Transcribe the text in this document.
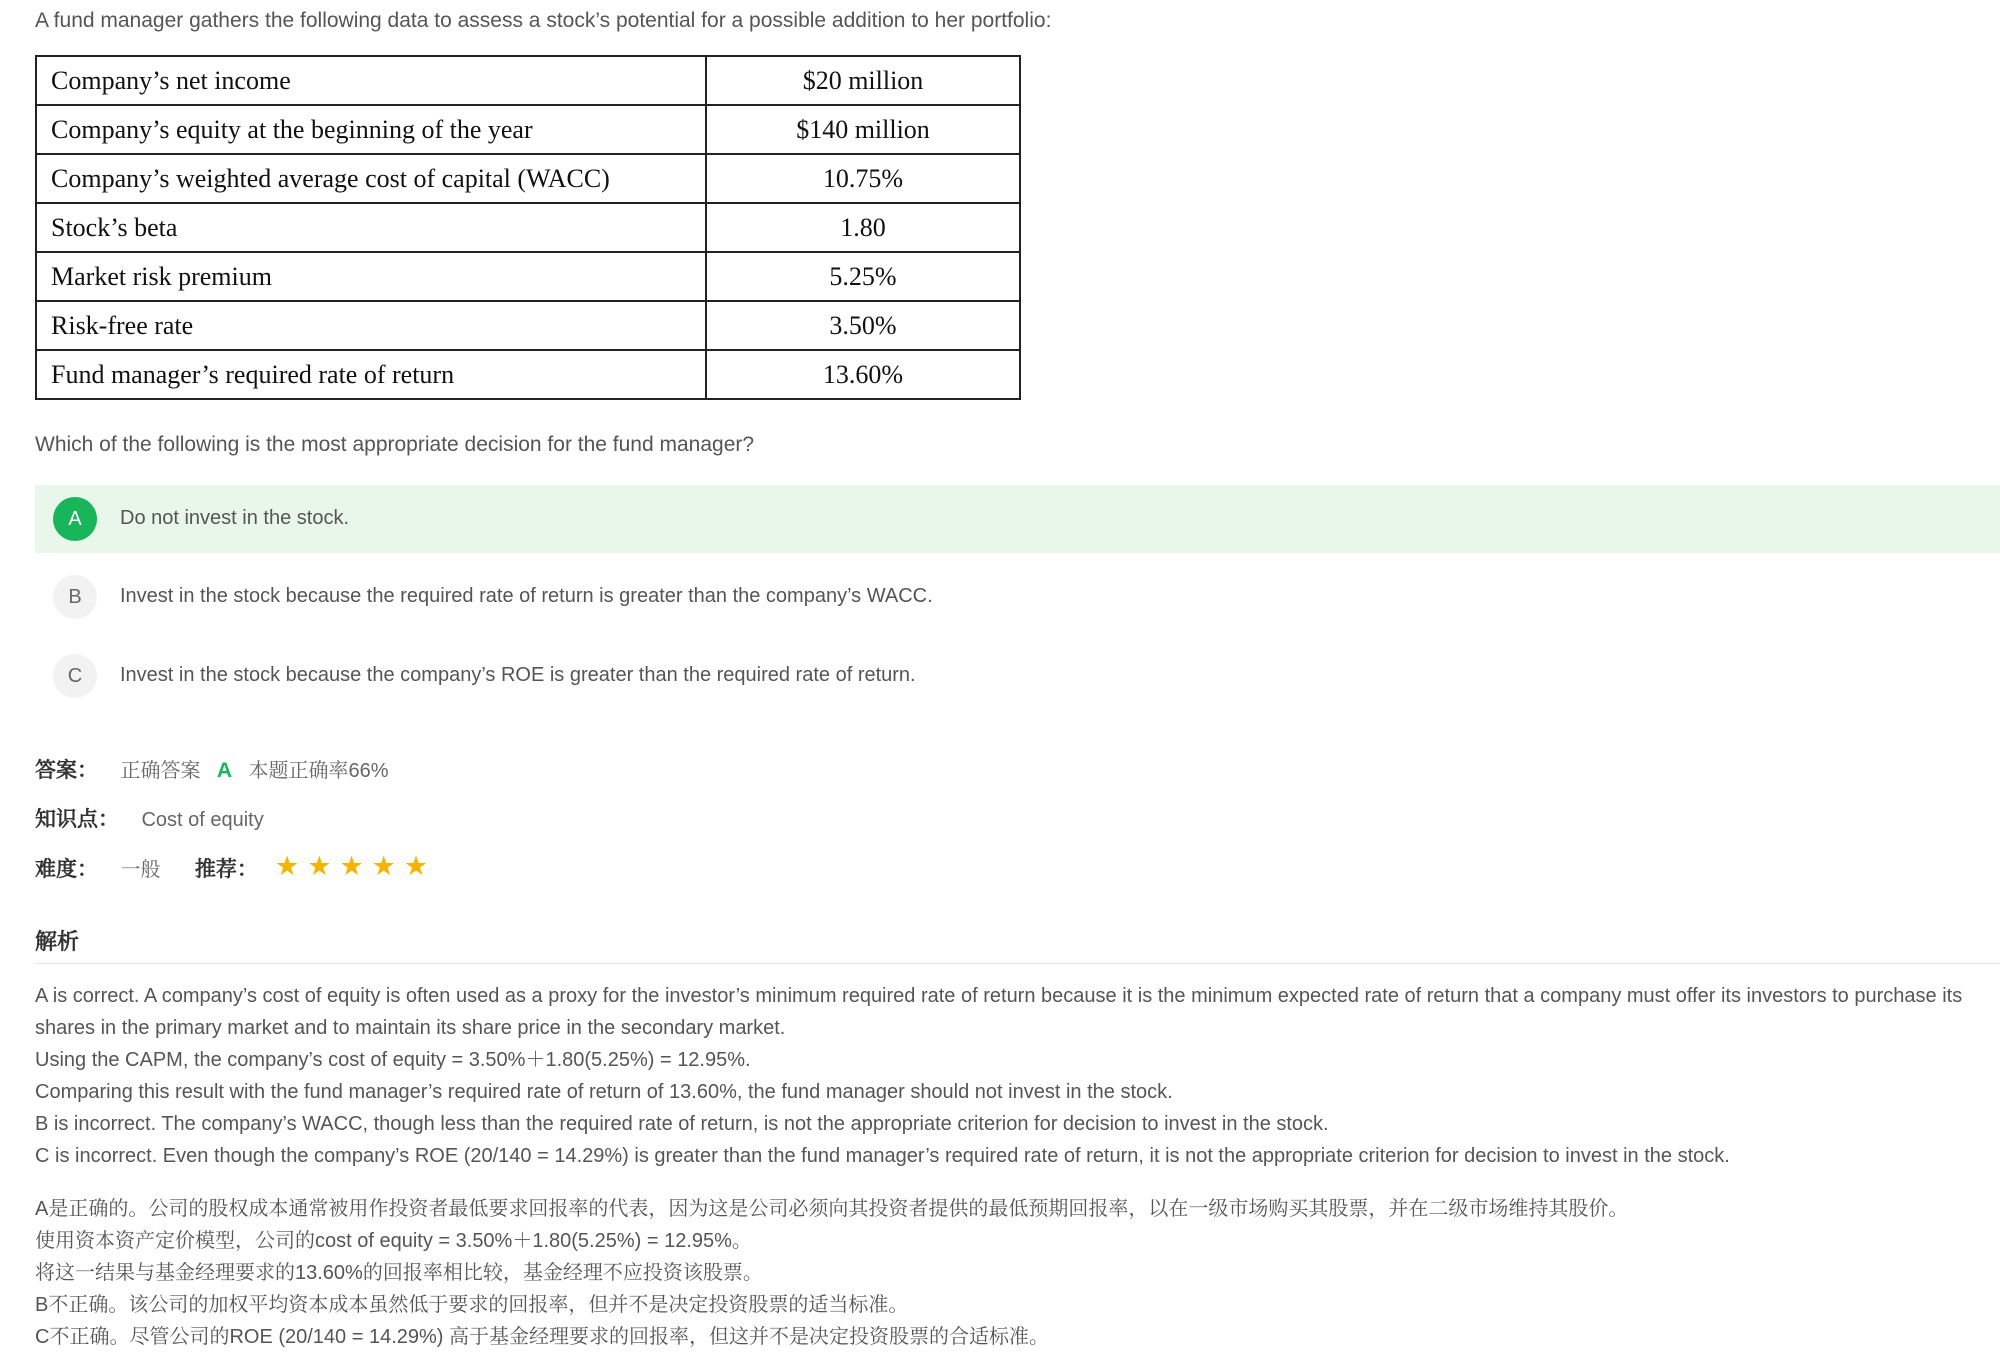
A fund manager gathers the following data to assess a stock’s potential for a possible addition to her portfolio:
Company’s net income	$20 million
Company’s equity at the beginning of the year	$140 million
Company’s weighted average cost of capital (WACC)	10.75%
Stock’s beta	1.80
Market risk premium	5.25%
Risk-free rate	3.50%
Fund manager’s required rate of return	13.60%
Which of the following is the most appropriate decision for the fund manager?
A	Do not invest in the stock.
B	Invest in the stock because the required rate of return is greater than the company’s WACC.
C	Invest in the stock because the company’s ROE is greater than the required rate of return.
答案： 正确答案 A 本题正确率66%
知识点： Cost of equity
难度： 一般 推荐： ★ ★ ★ ★ ★
解析

A is correct. A company’s cost of equity is often used as a proxy for the investor’s minimum required rate of return because it is the minimum expected rate of return that a company must offer its investors to purchase its shares in the primary market and to maintain its share price in the secondary market.

Using the CAPM, the company’s cost of equity = 3.50%＋1.80(5.25%) = 12.95%.

Comparing this result with the fund manager’s required rate of return of 13.60%, the fund manager should not invest in the stock.

B is incorrect. The company’s WACC, though less than the required rate of return, is not the appropriate criterion for decision to invest in the stock.

C is incorrect. Even though the company’s ROE (20/140 = 14.29%) is greater than the fund manager’s required rate of return, it is not the appropriate criterion for decision to invest in the stock.

A是正确的。公司的股权成本通常被用作投资者最低要求回报率的代表，因为这是公司必须向其投资者提供的最低预期回报率，以在一级市场购买其股票，并在二级市场维持其股价。

使用资本资产定价模型，公司的cost of equity = 3.50%＋1.80(5.25%) = 12.95%。

将这一结果与基金经理要求的13.60%的回报率相比较，基金经理不应投资该股票。

B不正确。该公司的加权平均资本成本虽然低于要求的回报率，但并不是决定投资股票的适当标准。

C不正确。尽管公司的ROE (20/140 = 14.29%) 高于基金经理要求的回报率，但这并不是决定投资股票的合适标准。
